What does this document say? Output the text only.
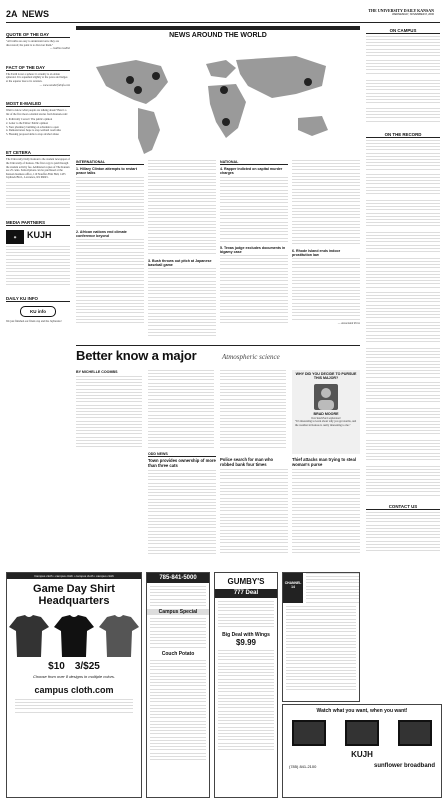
2A NEWS	THE UNIVERSITY DAILY KANSAN
WEDNESDAY, NOVEMBER 8, 2006
QUOTE OF THE DAY
"All truths are easy to understand once they are discovered; the point is to discover them."
— Galileo Galilei
FACT OF THE DAY
The Earth is not a sphere: it actually is an oblate spheroid. It is squashed slightly at the poles and bulges at the equator due to its rotation.
— www.wonderfulinfo.com
MOST E-MAILED
Want to know what people are talking about? Here's a list of the five most e-mailed stories from Kansan.com:
1. Politically Correct: The public opinion
2. Letter to the Editor: Public opinion
3. New pharmacy building on schedule to open
4. Demonstrators hope to stop wetland road talks
5. Housing proposal aims to stop alcohol abuse
ET CETERA
The University Daily Kansan is the student newspaper of the University of Kansas. The first copy is paid through the student activity fee. Additional copies of The Kansan are 25 cents. Subscriptions can be purchased at the Kansan business office, 119 Stauffer-Flint Hall, 1435 Jayhawk Blvd., Lawrence, KS 66045.
MEDIA PARTNERS
◉	KUJH
DAILY KU INFO
KU info
We just finished our finals cup and the Jayhawks!
NEWS AROUND THE WORLD
INTERNATIONAL
1. Hillary Clinton attempts to restart peace talks
2. African nations end climate conference beyond
3. Bush throws out pitch at Japanese baseball game
NATIONAL
4. Rapper indicted on capital murder charges
5. Texas judge excludes documents in bigamy case	6. Rhode Island ends indoor prostitution law
— Associated Press
Better know a major	Atmospheric science
BY MICHELLE COOMBS	WHY DID YOU DECIDE TO PURSUE THIS MAJOR?
BRAD MOORE
Overland Park sophomore
"It's interesting to learn about why you get storms, and the weather in Kansas is really interesting to me."
ODD NEWS
Town provides ownership of more than three cats
Police search for man who robbed bank four times
Thief attacks man trying to steal woman's purse
Campus cloth • campus cloth • campus cloth • campus cloth
Game Day Shirt Headquarters
$10 3/$25
Choose from over 8 designs in multiple colors.
campus cloth.com
785-841-5000
Campus Special
Couch Potato
GUMBY'S
777 Deal
Big Deal with Wings
$9.99
CHANNEL 14
Watch what you want, when you want!
KUJH
(785) 841-2100	sunflower broadband
ON CAMPUS
ON THE RECORD
CONTACT US
